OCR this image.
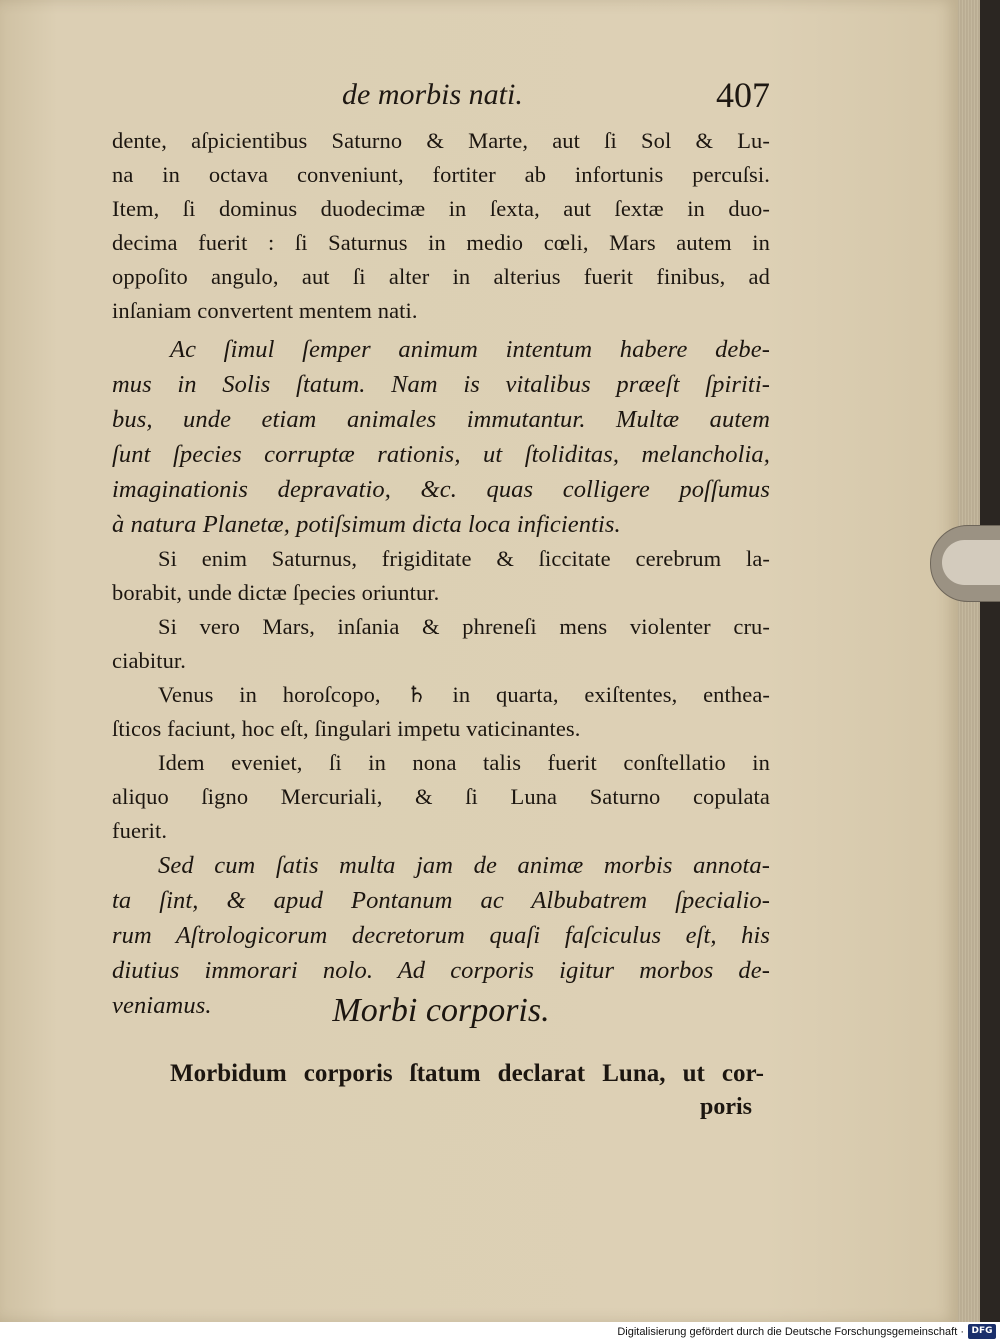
de morbis nati.	407
dente, aſpicientibus Saturno & Marte, aut ſi Sol & Lu-
na in octava conveniunt, fortiter ab infortunis percuſsi.
Item, ſi dominus duodecimæ in ſexta, aut ſextæ in duo-
decima fuerit : ſi Saturnus in medio cœli, Mars autem in
oppoſito angulo, aut ſi alter in alterius fuerit finibus, ad
inſaniam convertent mentem nati.
Ac ſimul ſemper animum intentum habere debe-
mus in Solis ſtatum. Nam is vitalibus præeſt ſpiriti-
bus, unde etiam animales immutantur. Multæ autem
ſunt ſpecies corruptæ rationis, ut ſtoliditas, melancholia,
imaginationis depravatio, &c. quas colligere poſſumus
à natura Planetæ, potiſsimum dicta loca inficientis.
Si enim Saturnus, frigiditate & ſiccitate cerebrum la-
borabit, unde dictæ ſpecies oriuntur.
Si vero Mars, inſania & phreneſi mens violenter cru-
ciabitur.
Venus in horoſcopo, ♄ in quarta, exiſtentes, enthea-
ſticos faciunt, hoc eſt, ſingulari impetu vaticinantes.
Idem eveniet, ſi in nona talis fuerit conſtellatio in
aliquo ſigno Mercuriali, & ſi Luna Saturno copulata
fuerit.
Sed cum ſatis multa jam de animæ morbis annota-
ta ſint, & apud Pontanum ac Albubatrem ſpecialio-
rum Aſtrologicorum decretorum quaſi faſciculus eſt, his
diutius immorari nolo. Ad corporis igitur morbos de-
veniamus.	Morbi corporis.
Morbidum corporis ſtatum declarat Luna, ut cor-
poris
Digitalisierung gefördert durch die Deutsche Forschungsgemeinschaft · DFG
